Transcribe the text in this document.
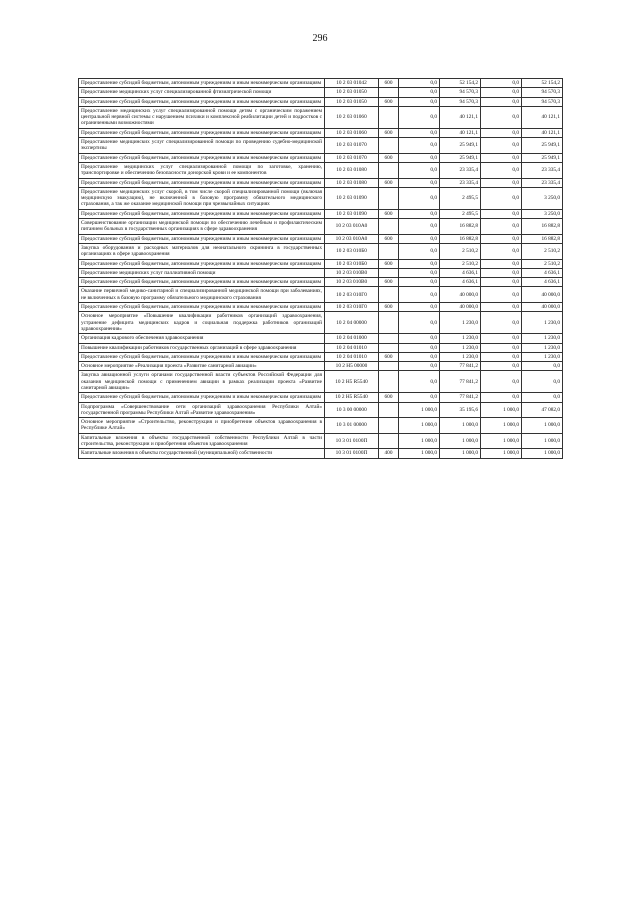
296
Предоставление субсидий бюджетным, автономным учреждениям и иным некоммерческим организациям	10 2 03 01042	600	0,0	52 154,2	0,0	52 154,2
Предоставление медицинских услуг специализированной фтизиатрической помощи	10 2 03 01050		0,0	94 570,3	0,0	94 570,3
Предоставление субсидий бюджетным, автономным учреждениям и иным некоммерческим организациям	10 2 03 01050	600	0,0	94 570,3	0,0	94 570,3
Предоставление медицинских услуг специализированной помощи детям с органическим поражением центральной нервной системы с нарушением психики и комплексной реабилитации детей и подростков с ограниченными возможностями	10 2 03 01060		0,0	40 121,1	0,0	40 121,1
Предоставление субсидий бюджетным, автономным учреждениям и иным некоммерческим организациям	10 2 03 01060	600	0,0	40 121,1	0,0	40 121,1
Предоставление медицинских услуг специализированной помощи по проведению судебно-медицинской экспертизы	10 2 03 01070		0,0	25 949,1	0,0	25 949,1
Предоставление субсидий бюджетным, автономным учреждениям и иным некоммерческим организациям	10 2 03 01070	600	0,0	25 949,1	0,0	25 949,1
Предоставление медицинских услуг специализированной помощи по заготовке, хранению, транспортировке и обеспечению безопасности донорской крови и ее компонентов	10 2 03 01080		0,0	23 335,4	0,0	23 335,4
Предоставление субсидий бюджетным, автономным учреждениям и иным некоммерческим организациям	10 2 03 01080	600	0,0	23 335,4	0,0	23 335,4
Предоставление медицинских услуг скорой, в том числе скорой специализированной помощи (включая медицинскую эвакуацию), не включенной в базовую программу обязательного медицинского страхования, а так же оказание медицинской помощи при чрезвычайных ситуациях	10 2 03 01090		0,0	2 495,5	0,0	3 250,0
Предоставление субсидий бюджетным, автономным учреждениям и иным некоммерческим организациям	10 2 03 01090	600	0,0	2 495,5	0,0	3 250,0
Совершенствование организации медицинской помощи по обеспечению лечебным и профилактическим питанием больных в государственных организациях в сфере здравоохранения	10 2 03 010А0		0,0	16 882,8	0,0	16 882,8
Предоставление субсидий бюджетным, автономным учреждениям и иным некоммерческим организациям	10 2 03 010А0	600	0,0	16 882,8	0,0	16 882,8
Закупка оборудования и расходных материалов для неонатального скрининга в государственных организациях в сфере здравоохранения	10 2 03 010Б0		0,0	2 510,2	0,0	2 510,2
Предоставление субсидий бюджетным, автономным учреждениям и иным некоммерческим организациям	10 2 03 010Б0	600	0,0	2 510,2	0,0	2 510,2
Предоставление медицинских услуг паллиативной помощи	10 2 03 010В0		0,0	4 636,1	0,0	4 636,1
Предоставление субсидий бюджетным, автономным учреждениям и иным некоммерческим организациям	10 2 03 010В0	600	0,0	4 636,1	0,0	4 636,1
Оказание первичной медико-санитарной и специализированной медицинской помощи при заболеваниях, не включенных в базовую программу обязательного медицинского страхования	10 2 03 010Г0		0,0	40 000,0	0,0	40 000,0
Предоставление субсидий бюджетным, автономным учреждениям и иным некоммерческим организациям	10 2 03 010Г0	600	0,0	40 000,0	0,0	40 000,0
Основное мероприятие «Повышение квалификации работников организаций здравоохранения, устранение дефицита медицинских кадров и социальная поддержка работников организаций здравоохранения»	10 2 04 00000		0,0	1 230,0	0,0	1 230,0
Организация кадрового обеспечения здравоохранения	10 2 04 01000		0,0	1 230,0	0,0	1 230,0
Повышение квалификации работников государственных организаций в сфере здравоохранения	10 2 04 01010		0,0	1 230,0	0,0	1 230,0
Предоставление субсидий бюджетным, автономным учреждениям и иным некоммерческим организациям	10 2 04 01010	600	0,0	1 230,0	0,0	1 230,0
Основное мероприятие «Реализация проекта «Развитие санитарной авиации»	10 2 Н5 00000		0,0	77 841,2	0,0	0,0
Закупка авиационной услуги органами государственной власти субъектов Российской Федерации для оказания медицинской помощи с применением авиации в рамках реализации проекта «Развитие санитарной авиации»	10 2 Н5 R5540		0,0	77 841,2	0,0	0,0
Предоставление субсидий бюджетным, автономным учреждениям и иным некоммерческим организациям	10 2 Н5 R5540	600	0,0	77 841,2	0,0	0,0
Подпрограмма «Совершенствование сети организаций здравоохранения Республики Алтай» государственной программы Республики Алтай «Развитие здравоохранения»	10 3 00 00000		1 000,0	35 195,6	1 000,0	47 082,0
Основное мероприятие «Строительство, реконструкция и приобретение объектов здравоохранения в Республике Алтай»	10 3 01 00000		1 000,0	1 000,0	1 000,0	1 000,0
Капитальные вложения в объекты государственной собственности Республики Алтай в части строительства, реконструкции и приобретения объектов здравоохранения	10 3 01 0100П		1 000,0	1 000,0	1 000,0	1 000,0
Капитальные вложения в объекты государственной (муниципальной) собственности	10 3 01 0100П	400	1 000,0	1 000,0	1 000,0	1 000,0
